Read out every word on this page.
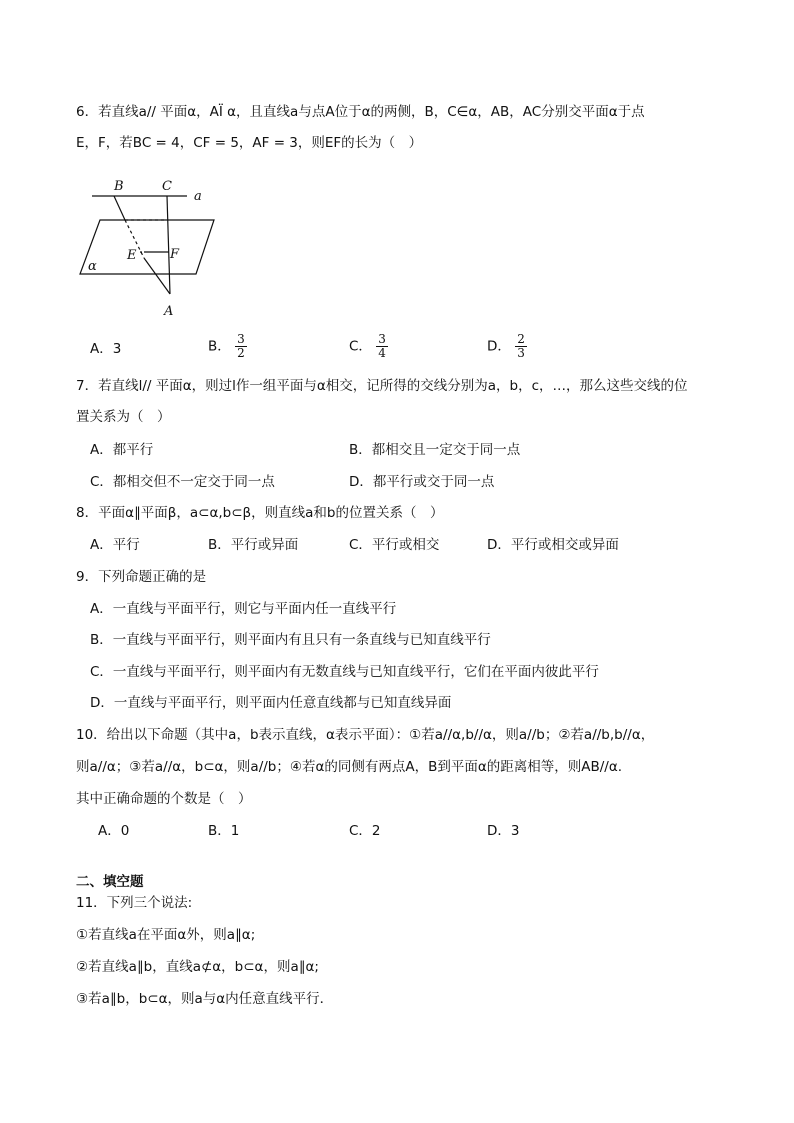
6．若直线a// 平面α，AÏ α，且直线a与点A位于α的两侧，B，C∈α，AB，AC分别交平面α于点
E，F，若BC = 4，CF = 5，AF = 3，则EF的长为（　）
B	C
a
E	F
α
A
A．3	B． $\frac{3}{2}$	C． $\frac{3}{4}$	D． $\frac{2}{3}$
7．若直线l// 平面α，则过l作一组平面与α相交，记所得的交线分别为a，b，c，…，那么这些交线的位
置关系为（　）
A．都平行	B．都相交且一定交于同一点
C．都相交但不一定交于同一点	D．都平行或交于同一点
8．平面α∥平面β，a⊂α,b⊂β，则直线a和b的位置关系（　）
A．平行	B．平行或异面	C．平行或相交	D．平行或相交或异面
9．下列命题正确的是
A．一直线与平面平行，则它与平面内任一直线平行
B．一直线与平面平行，则平面内有且只有一条直线与已知直线平行
C．一直线与平面平行，则平面内有无数直线与已知直线平行，它们在平面内彼此平行
D．一直线与平面平行，则平面内任意直线都与已知直线异面
10．给出以下命题（其中a，b表示直线，α表示平面）：①若a//α,b//α，则a//b；②若a//b,b//α，
则a//α；③若a//α，b⊂α，则a//b；④若α的同侧有两点A，B到平面α的距离相等，则AB//α.
其中正确命题的个数是（　）
A．0	B．1	C．2	D．3
二、填空题
11．下列三个说法:
①若直线a在平面α外，则a∥α;
②若直线a∥b，直线a⊄α，b⊂α，则a∥α;
③若a∥b，b⊂α，则a与α内任意直线平行．
